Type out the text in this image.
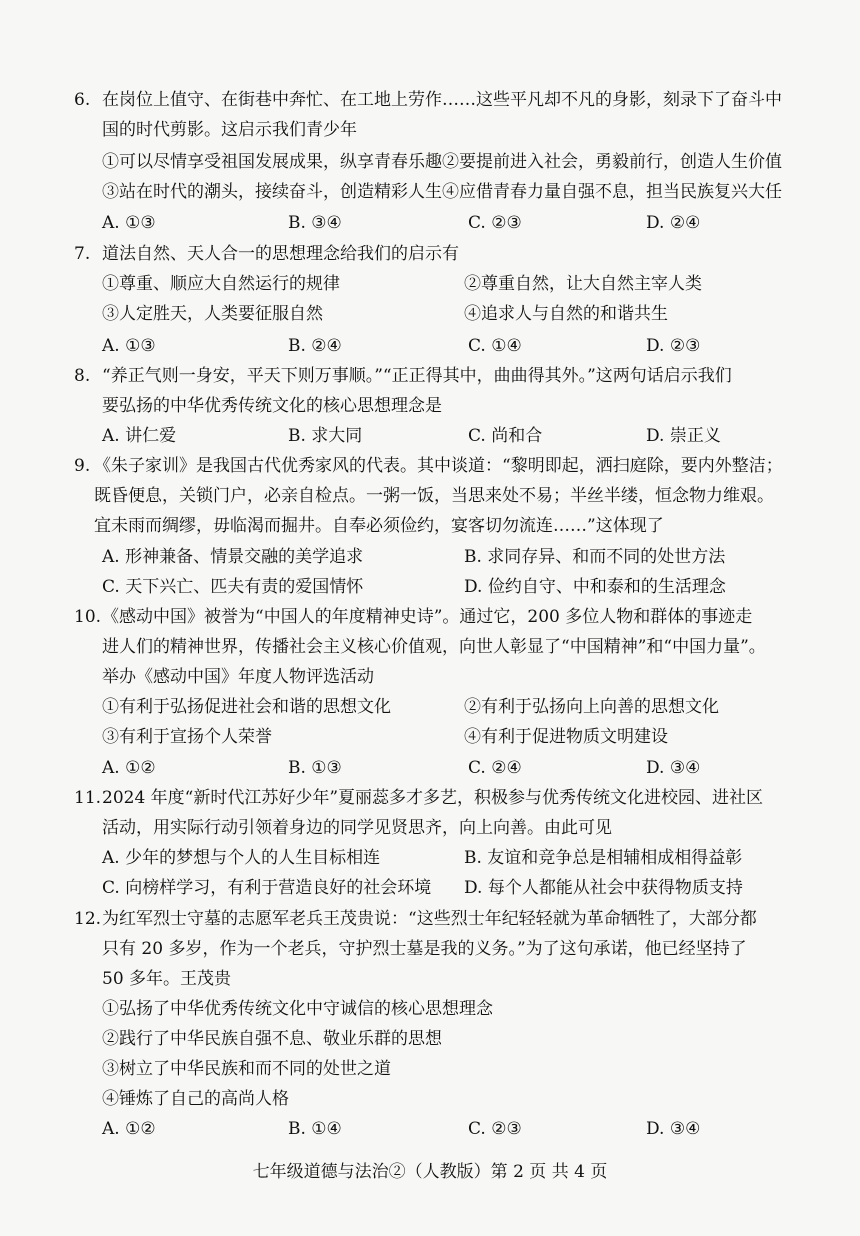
6. 在岗位上值守、在街巷中奔忙、在工地上劳作……这些平凡却不凡的身影，刻录下了奋斗中
国的时代剪影。这启示我们青少年
①可以尽情享受祖国发展成果，纵享青春乐趣②要提前进入社会，勇毅前行，创造人生价值
③站在时代的潮头，接续奋斗，创造精彩人生④应借青春力量自强不息，担当民族复兴大任
A. ①③	B. ③④	C. ②③	D. ②④
7. 道法自然、天人合一的思想理念给我们的启示有
①尊重、顺应大自然运行的规律	②尊重自然，让大自然主宰人类
③人定胜天，人类要征服自然	④追求人与自然的和谐共生
A. ①③	B. ②④	C. ①④	D. ②③
8. “养正气则一身安，平天下则万事顺。”“正正得其中，曲曲得其外。”这两句话启示我们
要弘扬的中华优秀传统文化的核心思想理念是
A. 讲仁爱	B. 求大同	C. 尚和合	D. 崇正义
9. 《朱子家训》是我国古代优秀家风的代表。其中谈道：“黎明即起，洒扫庭除，要内外整洁；
既昏便息，关锁门户，必亲自检点。一粥一饭，当思来处不易；半丝半缕，恒念物力维艰。
宜未雨而绸缪，毋临渴而掘井。自奉必须俭约，宴客切勿流连……”这体现了
A. 形神兼备、情景交融的美学追求	B. 求同存异、和而不同的处世方法
C. 天下兴亡、匹夫有责的爱国情怀	D. 俭约自守、中和泰和的生活理念
10. 《感动中国》被誉为“中国人的年度精神史诗”。通过它，200 多位人物和群体的事迹走
进人们的精神世界，传播社会主义核心价值观，向世人彰显了“中国精神”和“中国力量”。
举办《感动中国》年度人物评选活动
①有利于弘扬促进社会和谐的思想文化	②有利于弘扬向上向善的思想文化
③有利于宣扬个人荣誉	④有利于促进物质文明建设
A. ①②	B. ①③	C. ②④	D. ③④
11. 2024 年度“新时代江苏好少年”夏丽蕊多才多艺，积极参与优秀传统文化进校园、进社区
活动，用实际行动引领着身边的同学见贤思齐，向上向善。由此可见
A. 少年的梦想与个人的人生目标相连	B. 友谊和竞争总是相辅相成相得益彰
C. 向榜样学习，有利于营造良好的社会环境 D. 每个人都能从社会中获得物质支持
12. 为红军烈士守墓的志愿军老兵王茂贵说：“这些烈士年纪轻轻就为革命牺牲了，大部分都
只有 20 多岁，作为一个老兵，守护烈士墓是我的义务。”为了这句承诺，他已经坚持了
50 多年。王茂贵
①弘扬了中华优秀传统文化中守诚信的核心思想理念
②践行了中华民族自强不息、敬业乐群的思想
③树立了中华民族和而不同的处世之道
④锤炼了自己的高尚人格
A. ①②	B. ①④	C. ②③	D. ③④
七年级道德与法治②（人教版）第 2 页 共 4 页
